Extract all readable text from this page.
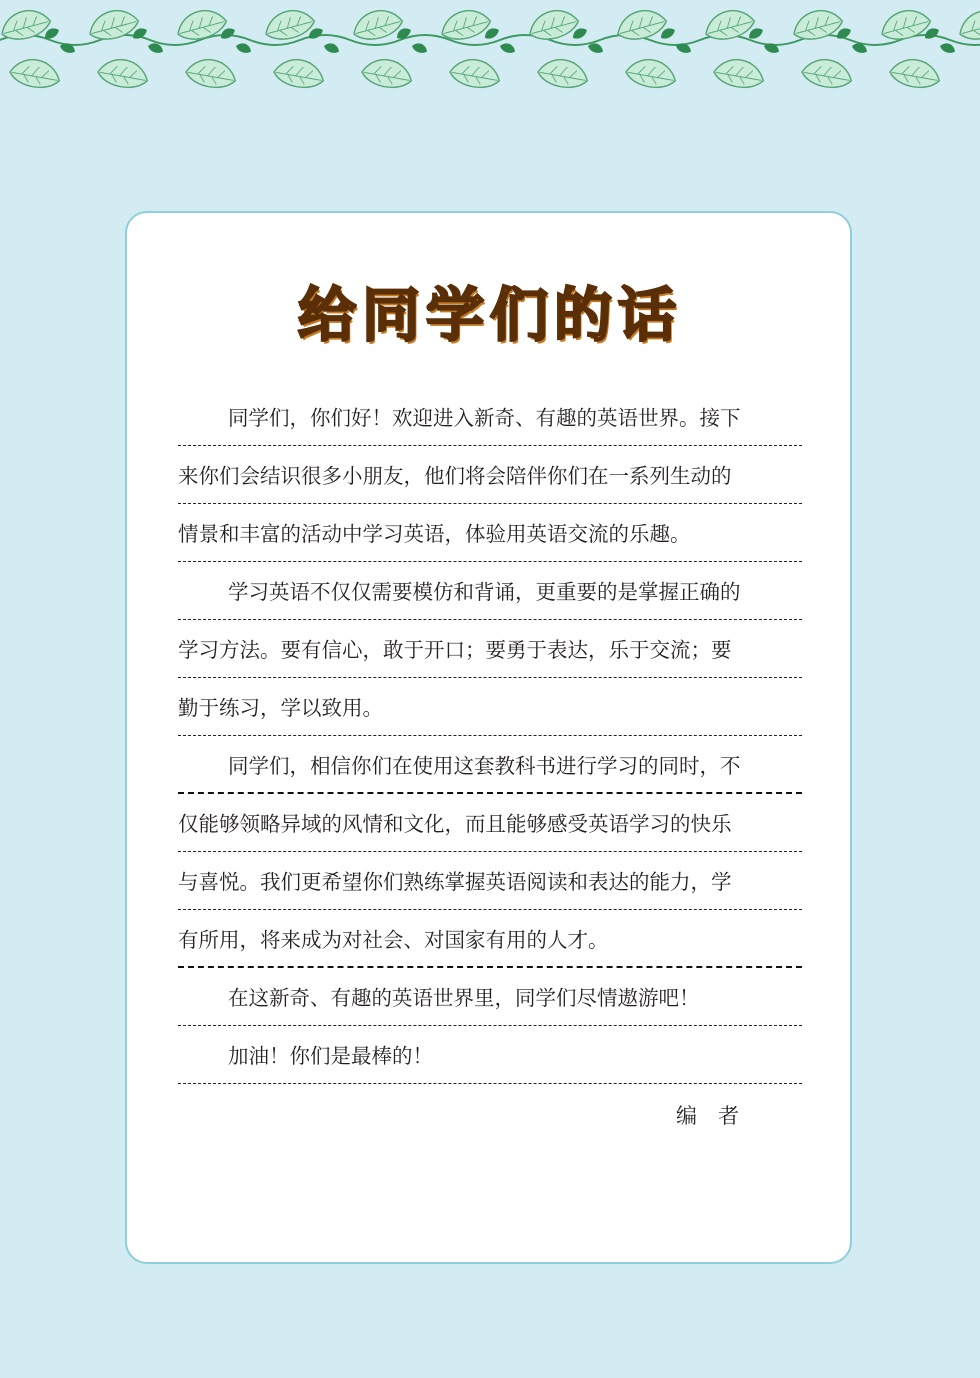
给同学们的话
同学们，你们好！欢迎进入新奇、有趣的英语世界。接下
来你们会结识很多小朋友，他们将会陪伴你们在一系列生动的
情景和丰富的活动中学习英语，体验用英语交流的乐趣。
学习英语不仅仅需要模仿和背诵，更重要的是掌握正确的
学习方法。要有信心，敢于开口；要勇于表达，乐于交流；要
勤于练习，学以致用。
同学们，相信你们在使用这套教科书进行学习的同时，不
仅能够领略异域的风情和文化，而且能够感受英语学习的快乐
与喜悦。我们更希望你们熟练掌握英语阅读和表达的能力，学
有所用，将来成为对社会、对国家有用的人才。
在这新奇、有趣的英语世界里，同学们尽情遨游吧！
加油！你们是最棒的！
编　者
